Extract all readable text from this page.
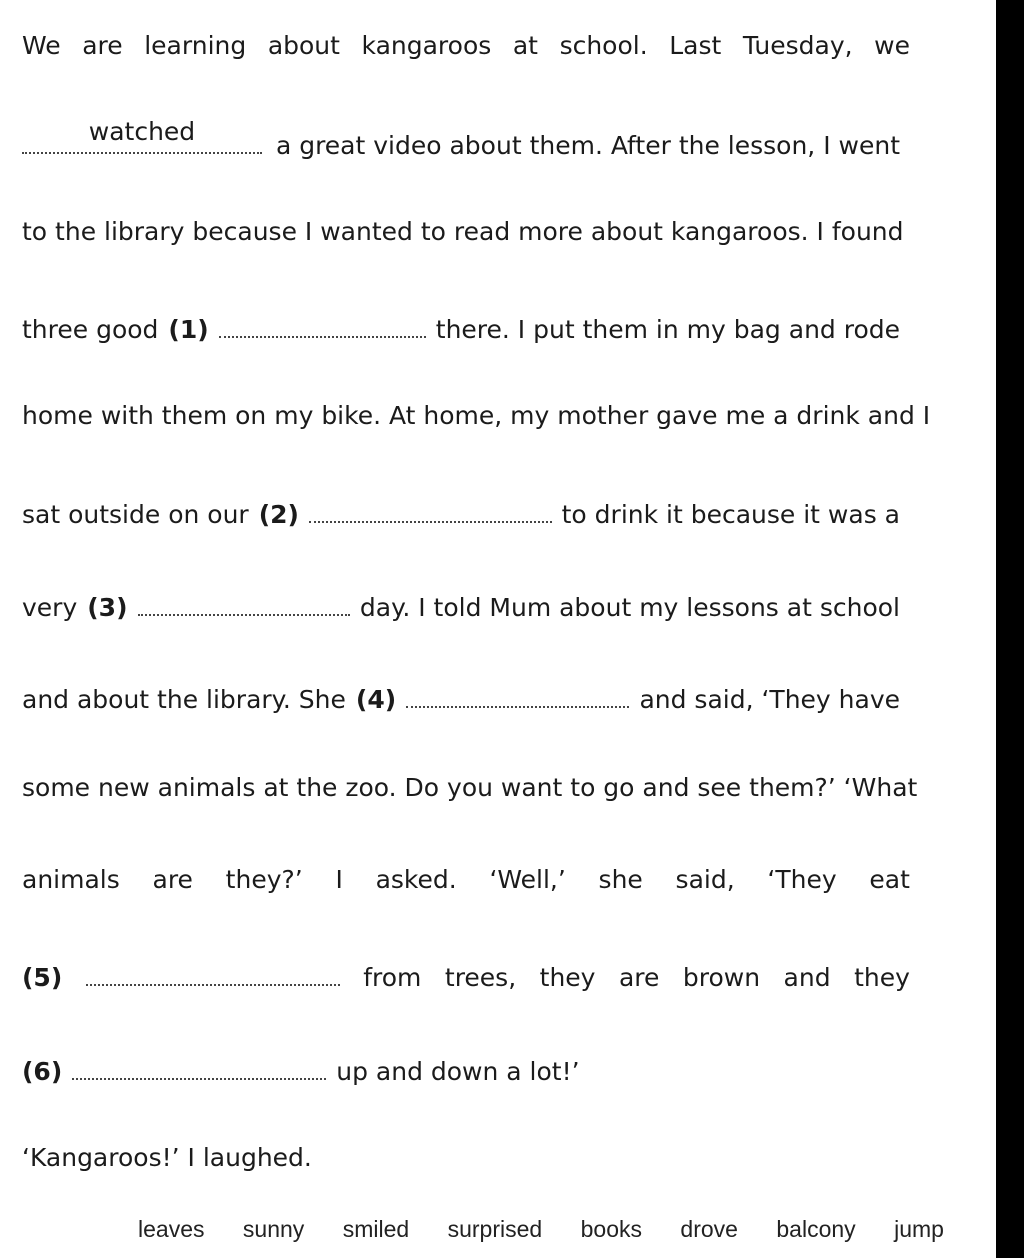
We are learning about kangaroos at school. Last Tuesday, we
watched	a great video about them. After the lesson, I went
to the library because I wanted to read more about kangaroos. I found
three good (1)	there. I put them in my bag and rode
home with them on my bike. At home, my mother gave me a drink and I
sat outside on our (2)	to drink it because it was a
very (3)	day. I told Mum about my lessons at school
and about the library. She (4)	and said, ‘They have
some new animals at the zoo. Do you want to go and see them?’ ‘What
animals are they?’ I asked. ‘Well,’ she said, ‘They eat
(5)	from trees, they are brown and they
(6)	up and down a lot!’
‘Kangaroos!’ I laughed.
leaves sunny smiled surprised books drove balcony jump
